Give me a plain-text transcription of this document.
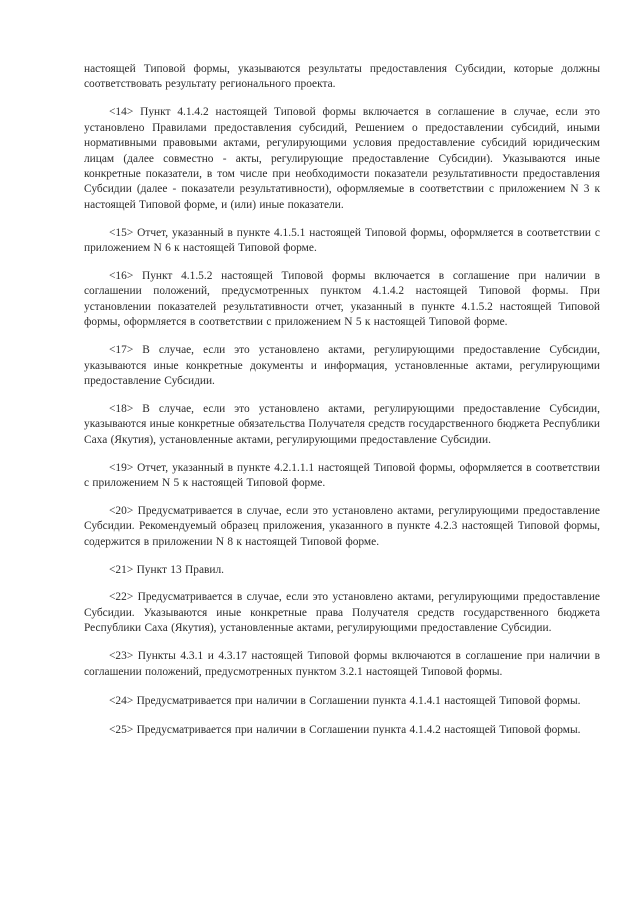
настоящей Типовой формы, указываются результаты предоставления Субсидии, которые должны соответствовать результату регионального проекта.

<14> Пункт 4.1.4.2 настоящей Типовой формы включается в соглашение в случае, если это установлено Правилами предоставления субсидий, Решением о предоставлении субсидий, иными нормативными правовыми актами, регулирующими условия предоставление субсидий юридическим лицам (далее совместно - акты, регулирующие предоставление Субсидии). Указываются иные конкретные показатели, в том числе при необходимости показатели результативности предоставления Субсидии (далее - показатели результативности), оформляемые в соответствии с приложением N 3 к настоящей Типовой форме, и (или) иные показатели.

<15> Отчет, указанный в пункте 4.1.5.1 настоящей Типовой формы, оформляется в соответствии с приложением N 6 к настоящей Типовой форме.

<16> Пункт 4.1.5.2 настоящей Типовой формы включается в соглашение при наличии в соглашении положений, предусмотренных пунктом 4.1.4.2 настоящей Типовой формы. При установлении показателей результативности отчет, указанный в пункте 4.1.5.2 настоящей Типовой формы, оформляется в соответствии с приложением N 5 к настоящей Типовой форме.

<17> В случае, если это установлено актами, регулирующими предоставление Субсидии, указываются иные конкретные документы и информация, установленные актами, регулирующими предоставление Субсидии.

<18> В случае, если это установлено актами, регулирующими предоставление Субсидии, указываются иные конкретные обязательства Получателя средств государственного бюджета Республики Саха (Якутия), установленные актами, регулирующими предоставление Субсидии.

<19> Отчет, указанный в пункте 4.2.1.1.1 настоящей Типовой формы, оформляется в соответствии с приложением N 5 к настоящей Типовой форме.

<20> Предусматривается в случае, если это установлено актами, регулирующими предоставление Субсидии. Рекомендуемый образец приложения, указанного в пункте 4.2.3 настоящей Типовой формы, содержится в приложении N 8 к настоящей Типовой форме.

<21> Пункт 13 Правил.

<22> Предусматривается в случае, если это установлено актами, регулирующими предоставление Субсидии. Указываются иные конкретные права Получателя средств государственного бюджета Республики Саха (Якутия), установленные актами, регулирующими предоставление Субсидии.

<23> Пункты 4.3.1 и 4.3.17 настоящей Типовой формы включаются в соглашение при наличии в соглашении положений, предусмотренных пунктом 3.2.1 настоящей Типовой формы.

<24> Предусматривается при наличии в Соглашении пункта 4.1.4.1 настоящей Типовой формы.

<25> Предусматривается при наличии в Соглашении пункта 4.1.4.2 настоящей Типовой формы.
